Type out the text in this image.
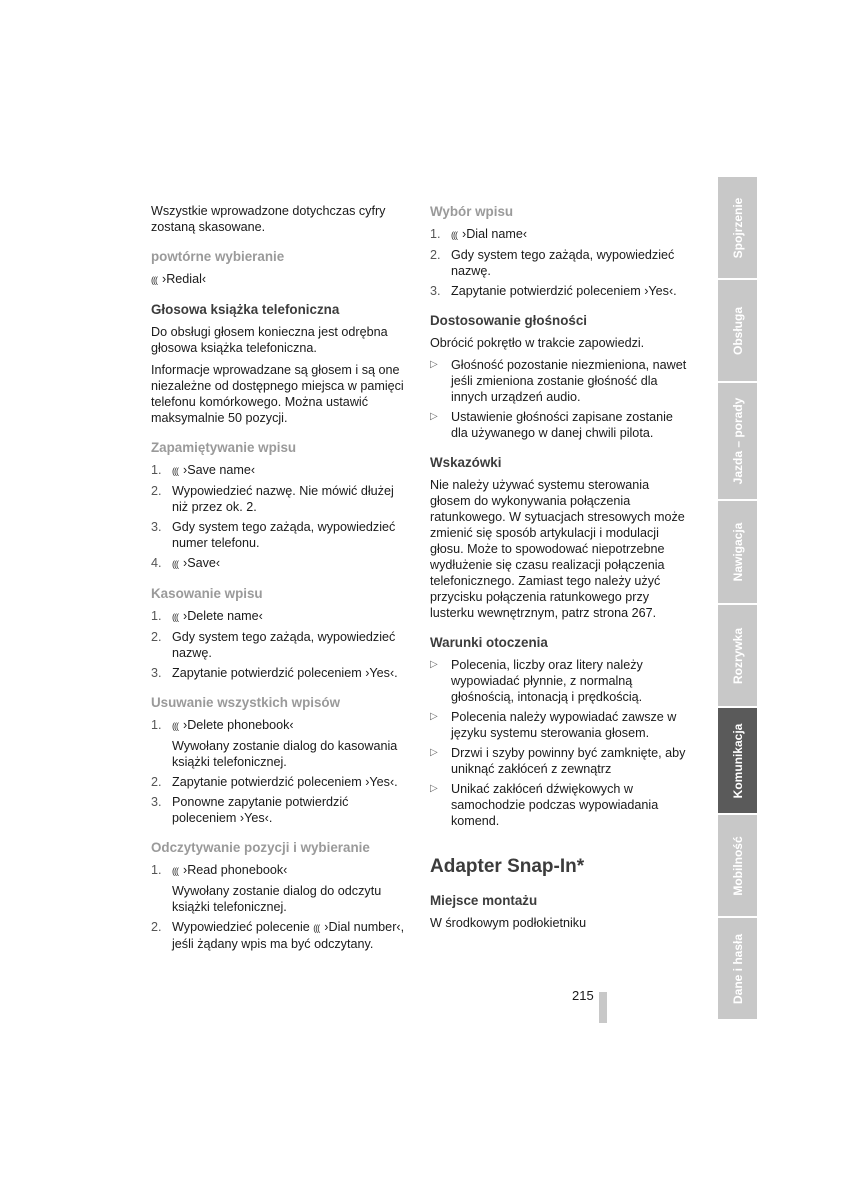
Wszystkie wprowadzone dotychczas cyfry zostaną skasowane.

powtórne wybieranie
((( ›Redial‹
Głosowa książka telefoniczna

Do obsługi głosem konieczna jest odrębna głosowa książka telefoniczna.

Informacje wprowadzane są głosem i są one niezależne od dostępnego miejsca w pamięci telefonu komórkowego. Można ustawić maksymalnie 50 pozycji.

Zapamiętywanie wpisu
1.	((( ›Save name‹
2. Wypowiedzieć nazwę. Nie mówić dłużej niż przez ok. 2.
3. Gdy system tego zażąda, wypowiedzieć numer telefonu.
4.	((( ›Save‹
Kasowanie wpisu
1.	((( ›Delete name‹
2. Gdy system tego zażąda, wypowiedzieć nazwę.
3. Zapytanie potwierdzić poleceniem ›Yes‹.
Usuwanie wszystkich wpisów
1.	((( ›Delete phonebook‹
Wywołany zostanie dialog do kasowania książki telefonicznej.
2. Zapytanie potwierdzić poleceniem ›Yes‹.
3. Ponowne zapytanie potwierdzić poleceniem ›Yes‹.
Odczytywanie pozycji i wybieranie
1.	((( ›Read phonebook‹
Wywołany zostanie dialog do odczytu książki telefonicznej.
2. Wypowiedzieć polecenie ((( ›Dial number‹, jeśli żądany wpis ma być odczytany.
Wybór wpisu
1.	((( ›Dial name‹
2. Gdy system tego zażąda, wypowiedzieć nazwę.
3. Zapytanie potwierdzić poleceniem ›Yes‹.
Dostosowanie głośności

Obrócić pokrętło w trakcie zapowiedzi.

▷	Głośność pozostanie niezmieniona, nawet jeśli zmieniona zostanie głośność dla innych urządzeń audio.
▷	Ustawienie głośności zapisane zostanie dla używanego w danej chwili pilota.
Wskazówki

Nie należy używać systemu sterowania głosem do wykonywania połączenia ratunkowego. W sytuacjach stresowych może zmienić się sposób artykulacji i modulacji głosu. Może to spowodować niepotrzebne wydłużenie się czasu realizacji połączenia telefonicznego. Zamiast tego należy użyć przycisku połączenia ratunkowego przy lusterku wewnętrznym, patrz strona 267.

Warunki otoczenia
▷	Polecenia, liczby oraz litery należy wypowiadać płynnie, z normalną głośnością, intonacją i prędkością.
▷	Polecenia należy wypowiadać zawsze w języku systemu sterowania głosem.
▷	Drzwi i szyby powinny być zamknięte, aby uniknąć zakłóceń z zewnątrz
▷	Unikać zakłóceń dźwiękowych w samochodzie podczas wypowiadania komend.
Adapter Snap-In*
Miejsce montażu

W środkowym podłokietniku

215
Spojrzenie
Obsługa
Jazda – porady
Nawigacja
Rozrywka
Komunikacja
Mobilność
Dane i hasła
